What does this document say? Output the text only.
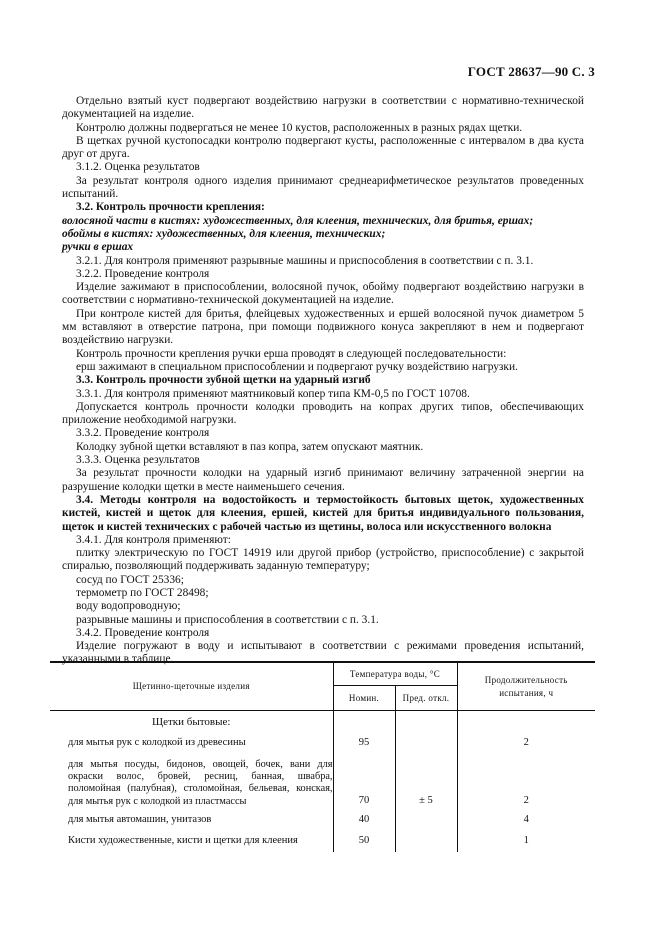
ГОСТ 28637—90 С. 3

Отдельно взятый куст подвергают воздействию нагрузки в соответствии с нормативно-технической документацией на изделие.

Контролю должны подвергаться не менее 10 кустов, расположенных в разных рядах щетки.

В щетках ручной кустопосадки контролю подвергают кусты, расположенные с интервалом в два куста друг от друга.

3.1.2. Оценка результатов

За результат контроля одного изделия принимают среднеарифметическое результатов проведенных испытаний.

3.2. Контроль прочности крепления:

волосяной части в кистях: художественных, для клеения, технических, для бритья, ершах;

обоймы в кистях: художественных, для клеения, технических;

ручки в ершах

3.2.1. Для контроля применяют разрывные машины и приспособления в соответствии с п. 3.1.

3.2.2. Проведение контроля

Изделие зажимают в приспособлении, волосяной пучок, обойму подвергают воздействию нагрузки в соответствии с нормативно-технической документацией на изделие.

При контроле кистей для бритья, флейцевых художественных и ершей волосяной пучок диаметром 5 мм вставляют в отверстие патрона, при помощи подвижного конуса закрепляют в нем и подвергают воздействию нагрузки.

Контроль прочности крепления ручки ерша проводят в следующей последовательности:

ерш зажимают в специальном приспособлении и подвергают ручку воздействию нагрузки.

3.3. Контроль прочности зубной щетки на ударный изгиб

3.3.1. Для контроля применяют маятниковый копер типа КМ-0,5 по ГОСТ 10708.

Допускается контроль прочности колодки проводить на копрах других типов, обеспечивающих приложение необходимой нагрузки.

3.3.2. Проведение контроля

Колодку зубной щетки вставляют в паз копра, затем опускают маятник.

3.3.3. Оценка результатов

За результат прочности колодки на ударный изгиб принимают величину затраченной энергии на разрушение колодки щетки в месте наименьшего сечения.

3.4. Методы контроля на водостойкость и термостойкость бытовых щеток, художественных кистей, кистей и щеток для клеения, ершей, кистей для бритья индивидуального пользования, щеток и кистей технических с рабочей частью из щетины, волоса или искусственного волокна

3.4.1. Для контроля применяют:

плитку электрическую по ГОСТ 14919 или другой прибор (устройство, приспособление) с закрытой спиралью, позволяющий поддерживать заданную температуру;

сосуд по ГОСТ 25336;

термометр по ГОСТ 28498;

воду водопроводную;

разрывные машины и приспособления в соответствии с п. 3.1.

3.4.2. Проведение контроля

Изделие погружают в воду и испытывают в соответствии с режимами проведения испытаний, указанными в таблице.

Щетинно-щеточные изделия	Температура воды, °С		Продолжительность испытания, ч
	Номин.	Пред. откл.	
Щетки бытовые:			
для мытья рук с колодкой из древесины	95		2
для мытья посуды, бидонов, овощей, бочек, вани для окраски волос, бровей, ресниц, банная, швабра, поломойная (палубная), столомойная, бельевая, конская, для мытья рук с колодкой из пластмассы	70	± 5	2
для мытья автомашин, унитазов	40		4
Кисти художественные, кисти и щетки для клеения	50		1
